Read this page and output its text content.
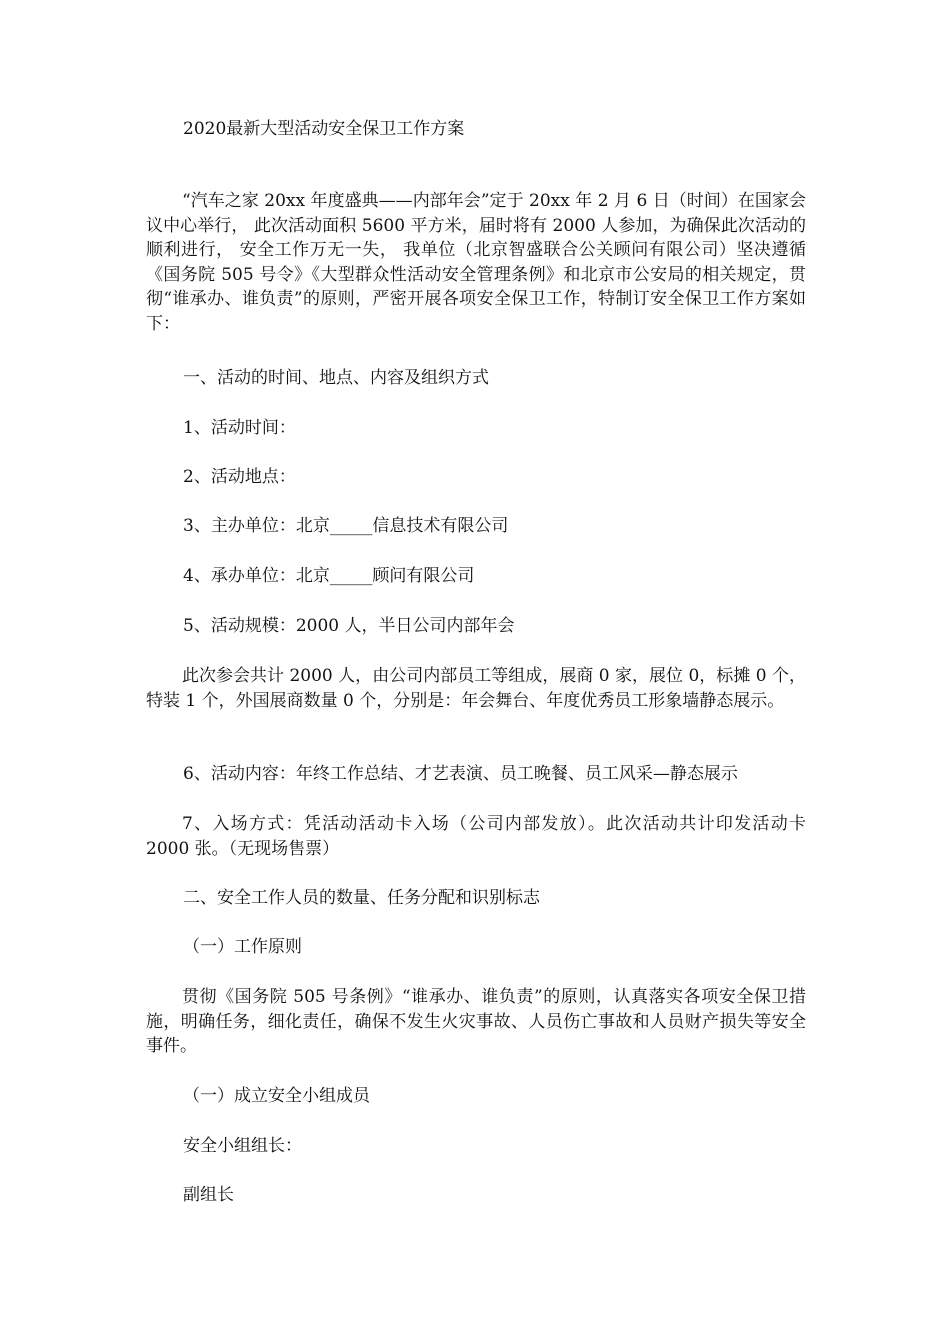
2020最新大型活动安全保卫工作方案

“汽车之家 20xx 年度盛典——内部年会”定于 20xx 年 2 月 6 日（时间）在国家会议中心举行， 此次活动面积 5600 平方米，届时将有 2000 人参加，为确保此次活动的顺利进行， 安全工作万无一失， 我单位（北京智盛联合公关顾问有限公司）坚决遵循《国务院 505 号令》《大型群众性活动安全管理条例》和北京市公安局的相关规定，贯彻“谁承办、谁负责”的原则，严密开展各项安全保卫工作，特制订安全保卫工作方案如下：

一、活动的时间、地点、内容及组织方式
1、活动时间：
2、活动地点：
3、主办单位：北京_____信息技术有限公司
4、承办单位：北京_____顾问有限公司
5、活动规模：2000 人，半日公司内部年会

此次参会共计 2000 人，由公司内部员工等组成，展商 0 家，展位 0，标摊 0 个，特装 1 个，外国展商数量 0 个，分别是：年会舞台、年度优秀员工形象墙静态展示。

6、活动内容：年终工作总结、才艺表演、员工晚餐、员工风采—静态展示

7、入场方式：凭活动活动卡入场（公司内部发放）。此次活动共计印发活动卡 2000 张。（无现场售票）

二、安全工作人员的数量、任务分配和识别标志
（一）工作原则

贯彻《国务院 505 号条例》“谁承办、谁负责”的原则，认真落实各项安全保卫措施，明确任务，细化责任，确保不发生火灾事故、人员伤亡事故和人员财产损失等安全事件。

（一）成立安全小组成员
安全小组组长：
副组长
